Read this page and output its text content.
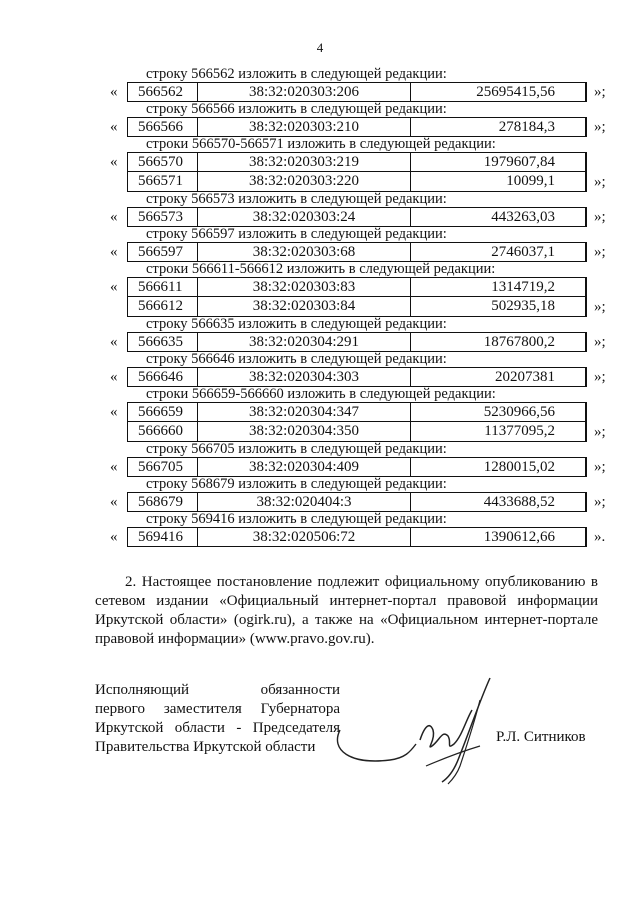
4
строку 566562 изложить в следующей редакции:
«	566562	38:32:020303:206	25695415,56	»;
строку 566566 изложить в следующей редакции:
«	566566	38:32:020303:210	278184,3	»;
строки 566570-566571 изложить в следующей редакции:
«	566570	38:32:020303:219	1979607,84
566571	38:32:020303:220	10099,1	»;
строку 566573 изложить в следующей редакции:
«	566573	38:32:020303:24	443263,03	»;
строку 566597 изложить в следующей редакции:
«	566597	38:32:020303:68	2746037,1	»;
строки 566611-566612 изложить в следующей редакции:
«	566611	38:32:020303:83	1314719,2
566612	38:32:020303:84	502935,18	»;
строку 566635 изложить в следующей редакции:
«	566635	38:32:020304:291	18767800,2	»;
строку 566646 изложить в следующей редакции:
«	566646	38:32:020304:303	20207381	»;
строки 566659-566660 изложить в следующей редакции:
«	566659	38:32:020304:347	5230966,56
566660	38:32:020304:350	11377095,2	»;
строку 566705 изложить в следующей редакции:
«	566705	38:32:020304:409	1280015,02	»;
строку 568679 изложить в следующей редакции:
«	568679	38:32:020404:3	4433688,52	»;
строку 569416 изложить в следующей редакции:
«	569416	38:32:020506:72	1390612,66	».
2. Настоящее постановление подлежит официальному опубликованию в сетевом издании «Официальный интернет-портал правовой информации Иркутской области» (ogirk.ru), а также на «Официальном интернет-портале правовой информации» (www.pravo.gov.ru).
Исполняющий обязанности
первого заместителя Губернатора
Иркутской области - Председателя
Правительства Иркутской области
Р.Л. Ситников
